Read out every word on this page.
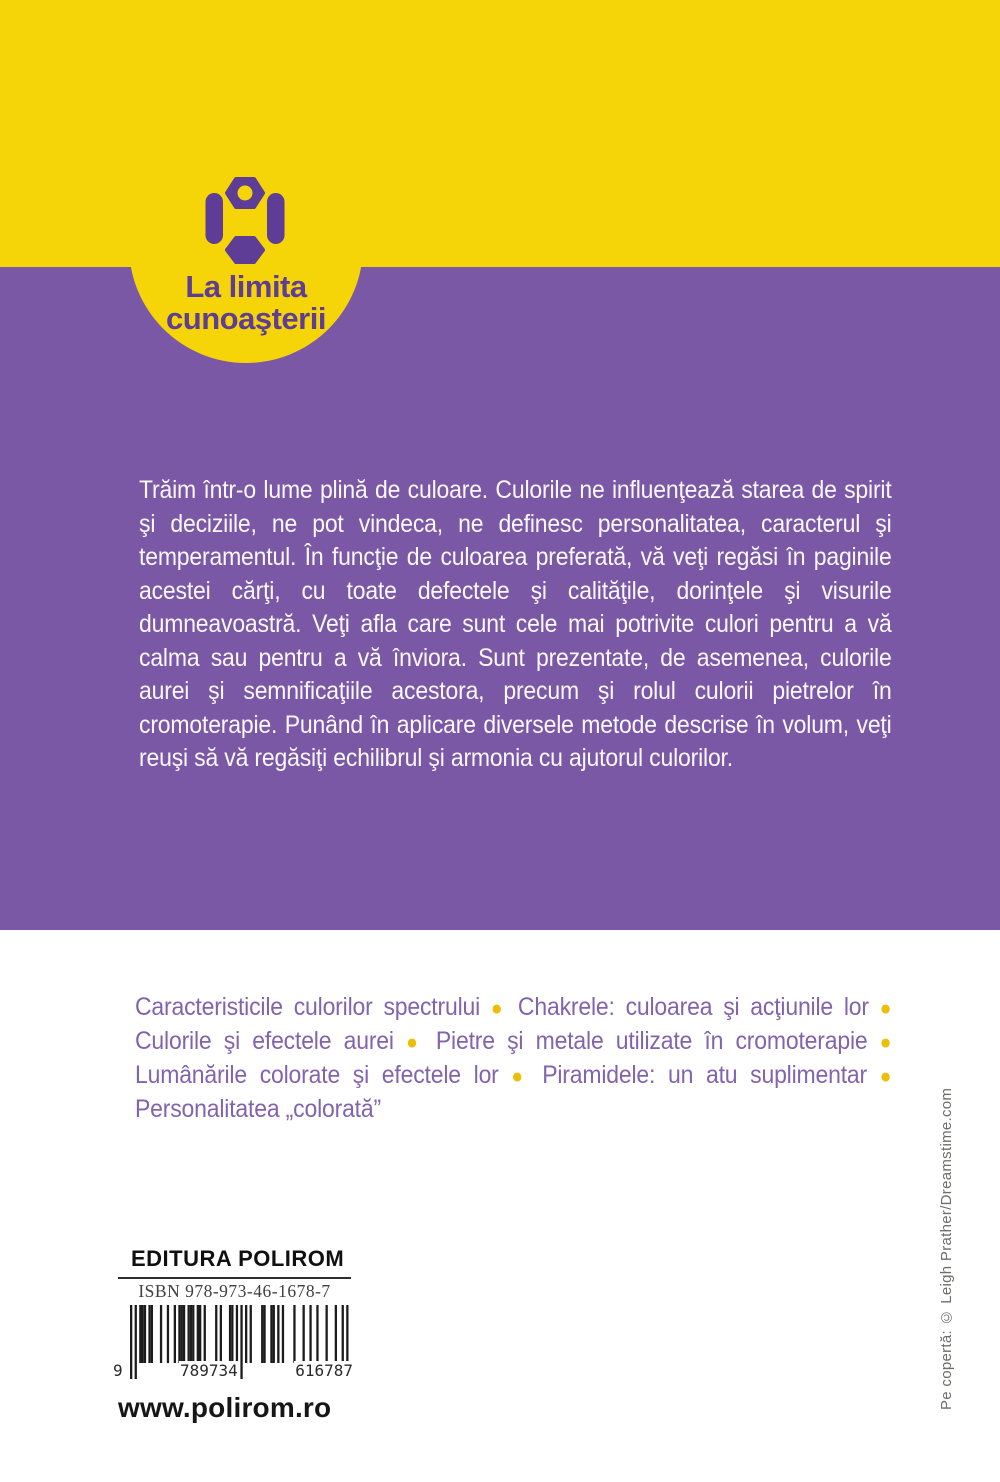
La limita
cunoaşterii

Trăim într-o lume plină de culoare. Culorile ne influenţează starea de spirit şi deciziile, ne pot vindeca, ne definesc personalitatea, caracterul şi temperamentul. În funcţie de culoarea preferată, vă veţi regăsi în paginile acestei cărţi, cu toate defectele şi calităţile, dorinţele şi visurile dumneavoastră. Veţi afla care sunt cele mai potrivite culori pentru a vă calma sau pentru a vă înviora. Sunt prezentate, de asemenea, culorile aurei şi semnificaţiile acestora, precum şi rolul culorii pietrelor în cromoterapie. Punând în aplicare diversele metode descrise în volum, veţi reuşi să vă regăsiţi echilibrul şi armonia cu ajutorul culorilor.

Caracteristicile culorilor spectrului ● Chakrele: culoarea şi acţiunile lor ● Culorile şi efectele aurei ● Pietre şi metale utilizate în cromoterapie ● Lumânările colorate şi efectele lor ● Piramidele: un atu suplimentar ● Personalitatea „colorată”

EDITURA POLIROM
ISBN 978-973-46-1678-7
9	789734	616787
www.polirom.ro	Pe copertă: © Leigh Prather/Dreamstime.com
